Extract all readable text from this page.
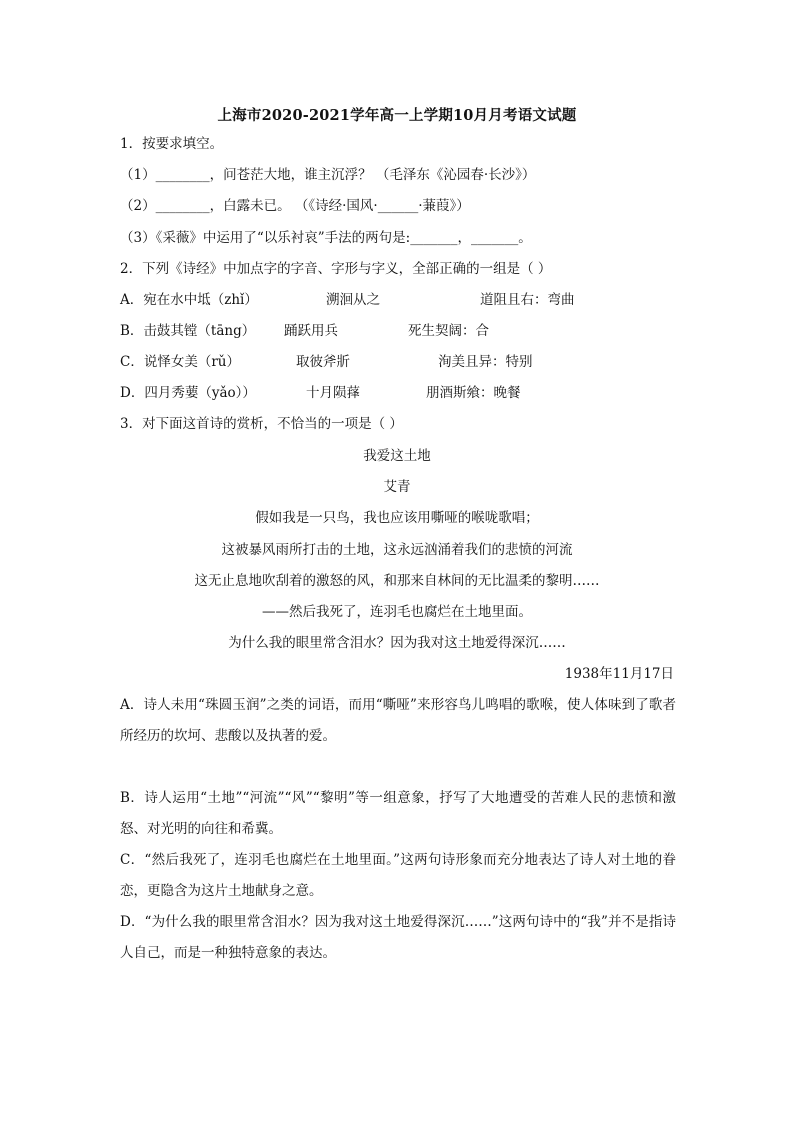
上海市2020-2021学年高一上学期10月月考语文试题
1．按要求填空。
（1）________，问苍茫大地，谁主沉浮？ （毛泽东《沁园春·长沙》）
（2）________，白露未已。 （《诗经·国风·______·蒹葭》）
（3）《采薇》中运用了“以乐衬哀”手法的两句是:_______，_______。
2．下列《诗经》中加点字的字音、字形与字义，全部正确的一组是（ ）
A．宛在水中坻（zhǐ）	溯洄从之	道阻且右：弯曲
B．击鼓其镗（tāng） 踊跃用兵	死生契阔：合
C．说怿女美（rǔ）	取彼斧斨	洵美且异：特别
D．四月秀葽（yǎo））	十月陨萚	朋酒斯飨：晚餐
3．对下面这首诗的赏析，不恰当的一项是（ ）
我爱这土地
艾青
假如我是一只鸟，我也应该用嘶哑的喉咙歌唱；
这被暴风雨所打击的土地，这永远汹涌着我们的悲愤的河流
这无止息地吹刮着的激怒的风，和那来自林间的无比温柔的黎明……
——然后我死了，连羽毛也腐烂在土地里面。
为什么我的眼里常含泪水？因为我对这土地爱得深沉……
1938年11月17日
A．诗人未用“珠圆玉润”之类的词语，而用“嘶哑”来形容鸟儿鸣唱的歌喉，使人体味到了歌者所经历的坎坷、悲酸以及执著的爱。
B．诗人运用“土地”“河流”“风”“黎明”等一组意象，抒写了大地遭受的苦难人民的悲愤和激怒、对光明的向往和希冀。
C．“然后我死了，连羽毛也腐烂在土地里面。”这两句诗形象而充分地表达了诗人对土地的眷恋，更隐含为这片土地献身之意。
D．“为什么我的眼里常含泪水？因为我对这土地爱得深沉……”这两句诗中的“我”并不是指诗人自己，而是一种独特意象的表达。
